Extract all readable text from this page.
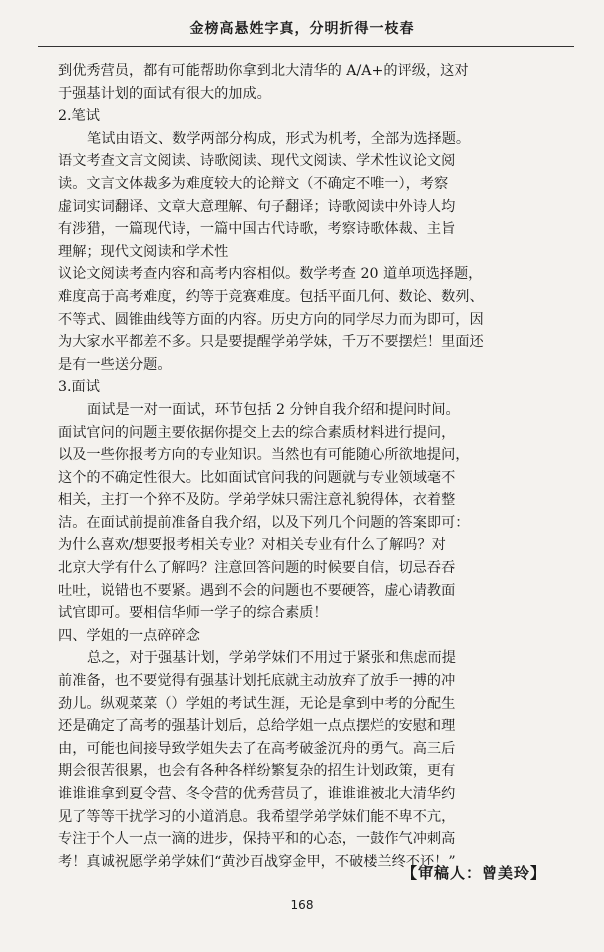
金榜高悬姓字真，分明折得一枝春
到优秀营员，都有可能帮助你拿到北大清华的 A/A+的评级，这对
于强基计划的面试有很大的加成。
2.笔试
笔试由语文、数学两部分构成，形式为机考，全部为选择题。
语文考查文言文阅读、诗歌阅读、现代文阅读、学术性议论文阅
读。文言文体裁多为难度较大的论辩文（不确定不唯一），考察
虚词实词翻译、文章大意理解、句子翻译；诗歌阅读中外诗人均
有涉猎，一篇现代诗，一篇中国古代诗歌，考察诗歌体裁、主旨
理解；现代文阅读和学术性
议论文阅读考查内容和高考内容相似。数学考查 20 道单项选择题，
难度高于高考难度，约等于竞赛难度。包括平面几何、数论、数列、
不等式、圆锥曲线等方面的内容。历史方向的同学尽力而为即可，因
为大家水平都差不多。只是要提醒学弟学妹，千万不要摆烂！里面还
是有一些送分题。
3.面试
面试是一对一面试，环节包括 2 分钟自我介绍和提问时间。
面试官问的问题主要依据你提交上去的综合素质材料进行提问，
以及一些你报考方向的专业知识。当然也有可能随心所欲地提问，
这个的不确定性很大。比如面试官问我的问题就与专业领域毫不
相关，主打一个猝不及防。学弟学妹只需注意礼貌得体，衣着整
洁。在面试前提前准备自我介绍，以及下列几个问题的答案即可：
为什么喜欢/想要报考相关专业？对相关专业有什么了解吗？对
北京大学有什么了解吗？注意回答问题的时候要自信，切忌吞吞
吐吐，说错也不要紧。遇到不会的问题也不要硬答，虚心请教面
试官即可。要相信华师一学子的综合素质！
四、学姐的一点碎碎念
总之，对于强基计划，学弟学妹们不用过于紧张和焦虑而提
前准备，也不要觉得有强基计划托底就主动放弃了放手一搏的冲
劲儿。纵观菜菜（）学姐的考试生涯，无论是拿到中考的分配生
还是确定了高考的强基计划后，总给学姐一点点摆烂的安慰和理
由，可能也间接导致学姐失去了在高考破釜沉舟的勇气。高三后
期会很苦很累，也会有各种各样纷繁复杂的招生计划政策，更有
谁谁谁拿到夏令营、冬令营的优秀营员了，谁谁谁被北大清华约
见了等等干扰学习的小道消息。我希望学弟学妹们能不卑不亢，
专注于个人一点一滴的进步，保持平和的心态，一鼓作气冲刺高
考！真诚祝愿学弟学妹们“黄沙百战穿金甲，不破楼兰终不还！”
【审稿人：曾美玲】
168
